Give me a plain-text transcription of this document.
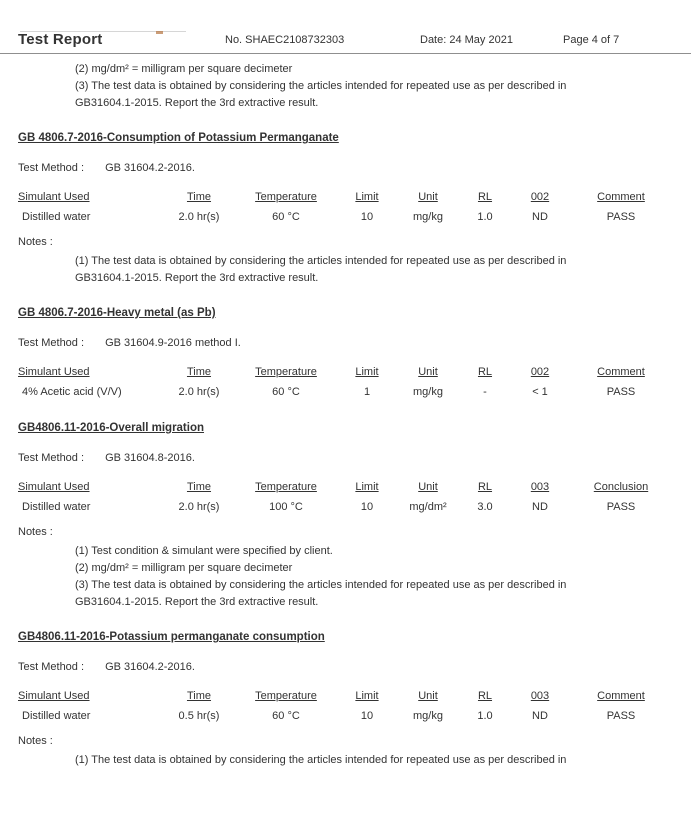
Test Report	No. SHAEC2108732303	Date: 24 May 2021	Page 4 of 7
(2) mg/dm² = milligram per square decimeter
(3) The test data is obtained by considering the articles intended for repeated use as per described in
GB31604.1-2015. Report the 3rd extractive result.
GB 4806.7-2016-Consumption of Potassium Permanganate
Test Method : GB 31604.2-2016.
Simulant Used	Time	Temperature	Limit	Unit	RL	002	Comment
Distilled water	2.0 hr(s)	60 °C	10	mg/kg	1.0	ND	PASS
Notes :
(1) The test data is obtained by considering the articles intended for repeated use as per described in
GB31604.1-2015. Report the 3rd extractive result.
GB 4806.7-2016-Heavy metal (as Pb)
Test Method : GB 31604.9-2016 method I.
Simulant Used	Time	Temperature	Limit	Unit	RL	002	Comment
4% Acetic acid (V/V)	2.0 hr(s)	60 °C	1	mg/kg	-	< 1	PASS
GB4806.11-2016-Overall migration
Test Method : GB 31604.8-2016.
Simulant Used	Time	Temperature	Limit	Unit	RL	003	Conclusion
Distilled water	2.0 hr(s)	100 °C	10	mg/dm²	3.0	ND	PASS
Notes :
(1) Test condition & simulant were specified by client.
(2) mg/dm² = milligram per square decimeter
(3) The test data is obtained by considering the articles intended for repeated use as per described in
GB31604.1-2015. Report the 3rd extractive result.
GB4806.11-2016-Potassium permanganate consumption
Test Method : GB 31604.2-2016.
Simulant Used	Time	Temperature	Limit	Unit	RL	003	Comment
Distilled water	0.5 hr(s)	60 °C	10	mg/kg	1.0	ND	PASS
Notes :
(1) The test data is obtained by considering the articles intended for repeated use as per described in
